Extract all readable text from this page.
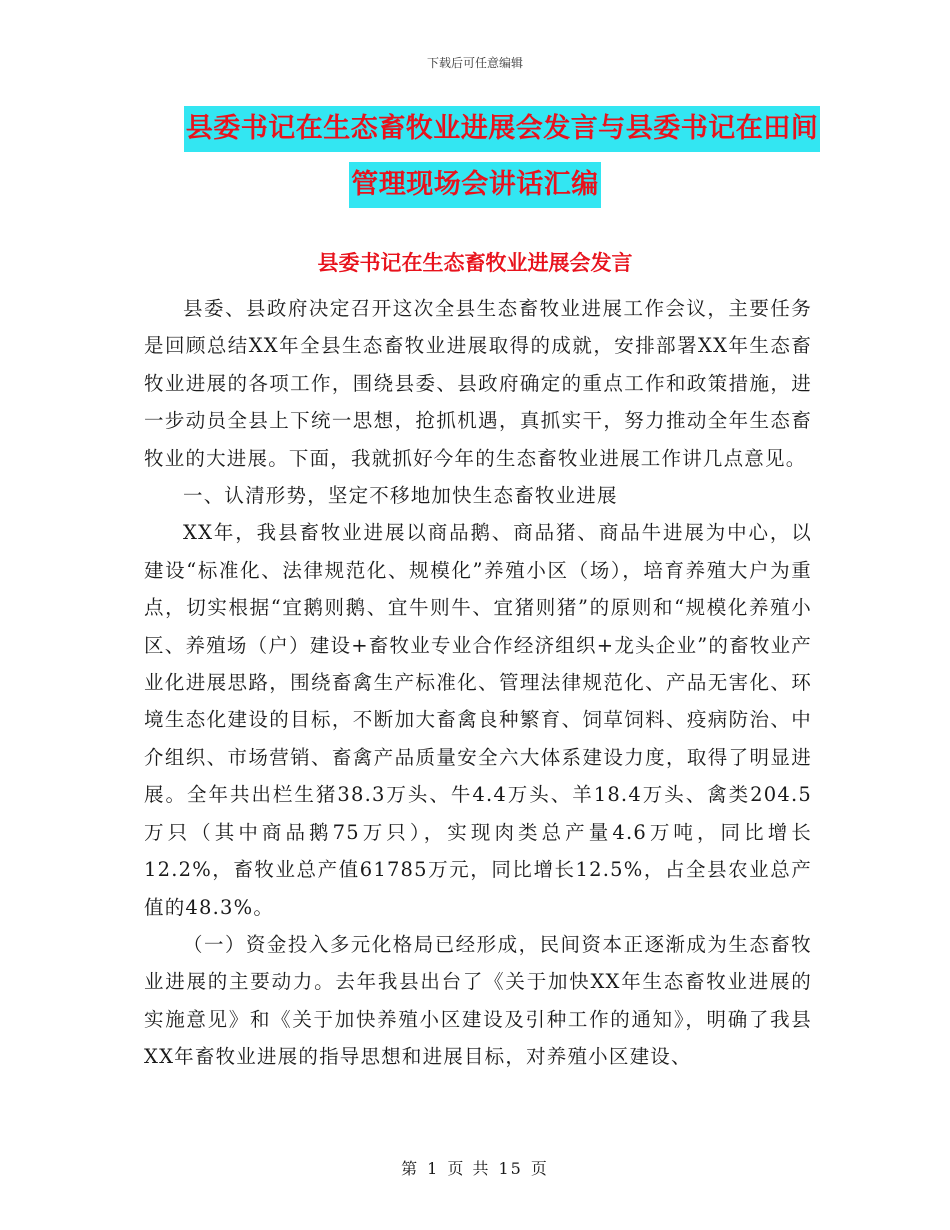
下载后可任意编辑
县委书记在生态畜牧业进展会发言与县委书记在田间
管理现场会讲话汇编
县委书记在生态畜牧业进展会发言

县委、县政府决定召开这次全县生态畜牧业进展工作会议，主要任务是回顾总结XX年全县生态畜牧业进展取得的成就，安排部署XX年生态畜牧业进展的各项工作，围绕县委、县政府确定的重点工作和政策措施，进一步动员全县上下统一思想，抢抓机遇，真抓实干，努力推动全年生态畜牧业的大进展。下面，我就抓好今年的生态畜牧业进展工作讲几点意见。

一、认清形势，坚定不移地加快生态畜牧业进展

XX年，我县畜牧业进展以商品鹅、商品猪、商品牛进展为中心，以建设“标准化、法律规范化、规模化”养殖小区（场），培育养殖大户为重点，切实根据“宜鹅则鹅、宜牛则牛、宜猪则猪”的原则和“规模化养殖小区、养殖场（户）建设+畜牧业专业合作经济组织+龙头企业”的畜牧业产业化进展思路，围绕畜禽生产标准化、管理法律规范化、产品无害化、环境生态化建设的目标，不断加大畜禽良种繁育、饲草饲料、疫病防治、中介组织、市场营销、畜禽产品质量安全六大体系建设力度，取得了明显进展。全年共出栏生猪38.3万头、牛4.4万头、羊18.4万头、禽类204.5万只（其中商品鹅75万只），实现肉类总产量4.6万吨，同比增长12.2%，畜牧业总产值61785万元，同比增长12.5%，占全县农业总产值的48.3%。

（一）资金投入多元化格局已经形成，民间资本正逐渐成为生态畜牧业进展的主要动力。去年我县出台了《关于加快XX年生态畜牧业进展的实施意见》和《关于加快养殖小区建设及引种工作的通知》，明确了我县XX年畜牧业进展的指导思想和进展目标，对养殖小区建设、

第 1 页 共 15 页
